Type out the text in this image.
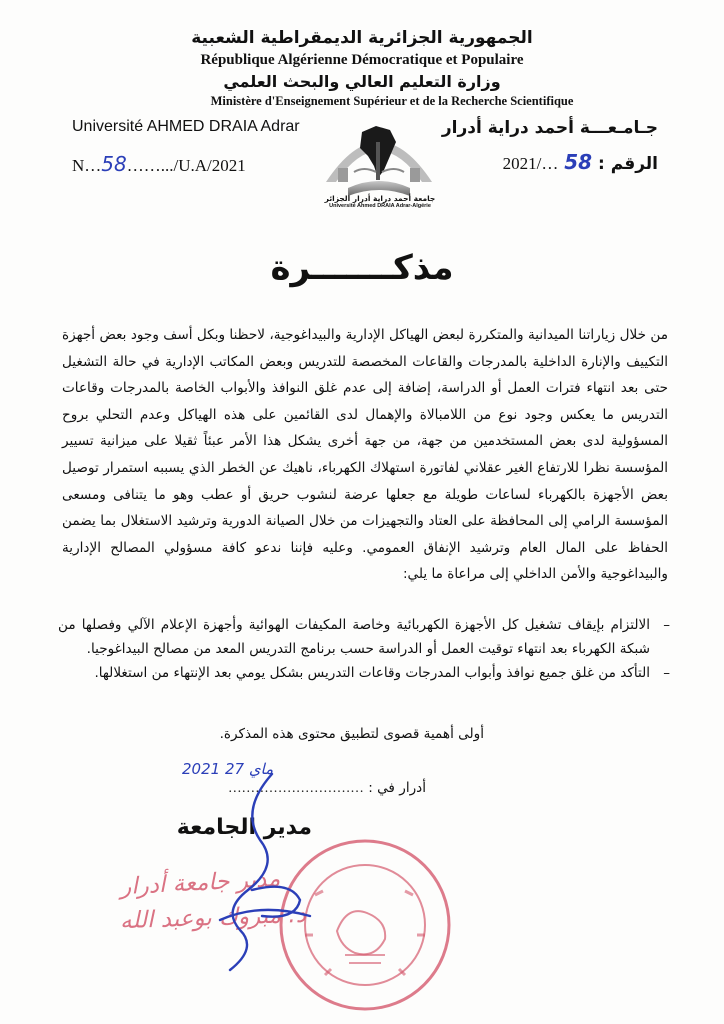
الجمهورية الجزائرية الديمقراطية الشعبية
République Algérienne Démocratique et Populaire
وزارة التعليم العالي والبحث العلمي
Ministère d'Enseignement Supérieur et de la Recherche Scientifique
Université AHMED DRAIA Adrar
N…58…….../U.A/2021
جـامـعـــة أحمد دراية أدرار
الرقم : 58 2021/…
جامعة أحمد دراية أدرار الجزائر
Université Ahmed DRAIA Adrar-Algérie
مذكـــــــرة
من خلال زياراتنا الميدانية والمتكررة لبعض الهياكل الإدارية والبيداغوجية، لاحظنا وبكل أسف وجود بعض أجهزة التكييف والإنارة الداخلية بالمدرجات والقاعات المخصصة للتدريس وبعض المكاتب الإدارية في حالة التشغيل حتى بعد انتهاء فترات العمل أو الدراسة، إضافة إلى عدم غلق النوافذ والأبواب الخاصة بالمدرجات وقاعات التدريس ما يعكس وجود نوع من اللامبالاة والإهمال لدى القائمين على هذه الهياكل وعدم التحلي بروح المسؤولية لدى بعض المستخدمين من جهة، من جهة أخرى يشكل هذا الأمر عبئاً ثقيلا على ميزانية تسيير المؤسسة نظرا للارتفاع الغير عقلاني لفاتورة استهلاك الكهرباء، ناهيك عن الخطر الذي يسببه استمرار توصيل بعض الأجهزة بالكهرباء لساعات طويلة مع جعلها عرضة لنشوب حريق أو عطب وهو ما يتنافى ومسعى المؤسسة الرامي إلى المحافظة على العتاد والتجهيزات من خلال الصيانة الدورية وترشيد الاستغلال بما يضمن الحفاظ على المال العام وترشيد الإنفاق العمومي. وعليه فإننا ندعو كافة مسؤولي المصالح الإدارية والبيداغوجية والأمن الداخلي إلى مراعاة ما يلي:
– الالتزام بإيقاف تشغيل كل الأجهزة الكهربائية وخاصة المكيفات الهوائية وأجهزة الإعلام الآلي وفصلها من شبكة الكهرباء بعد انتهاء توقيت العمل أو الدراسة حسب برنامج التدريس المعد من مصالح البيداغوجيا.
– التأكد من غلق جميع نوافذ وأبواب المدرجات وقاعات التدريس بشكل يومي بعد الإنتهاء من استغلالها.
أولى أهمية قصوى لتطبيق محتوى هذه المذكرة.
2021 ماي 27
أدرار في : …………………………
مدير الجامعة
مدير جامعة أدرار
د. مبروك بوعبد الله
